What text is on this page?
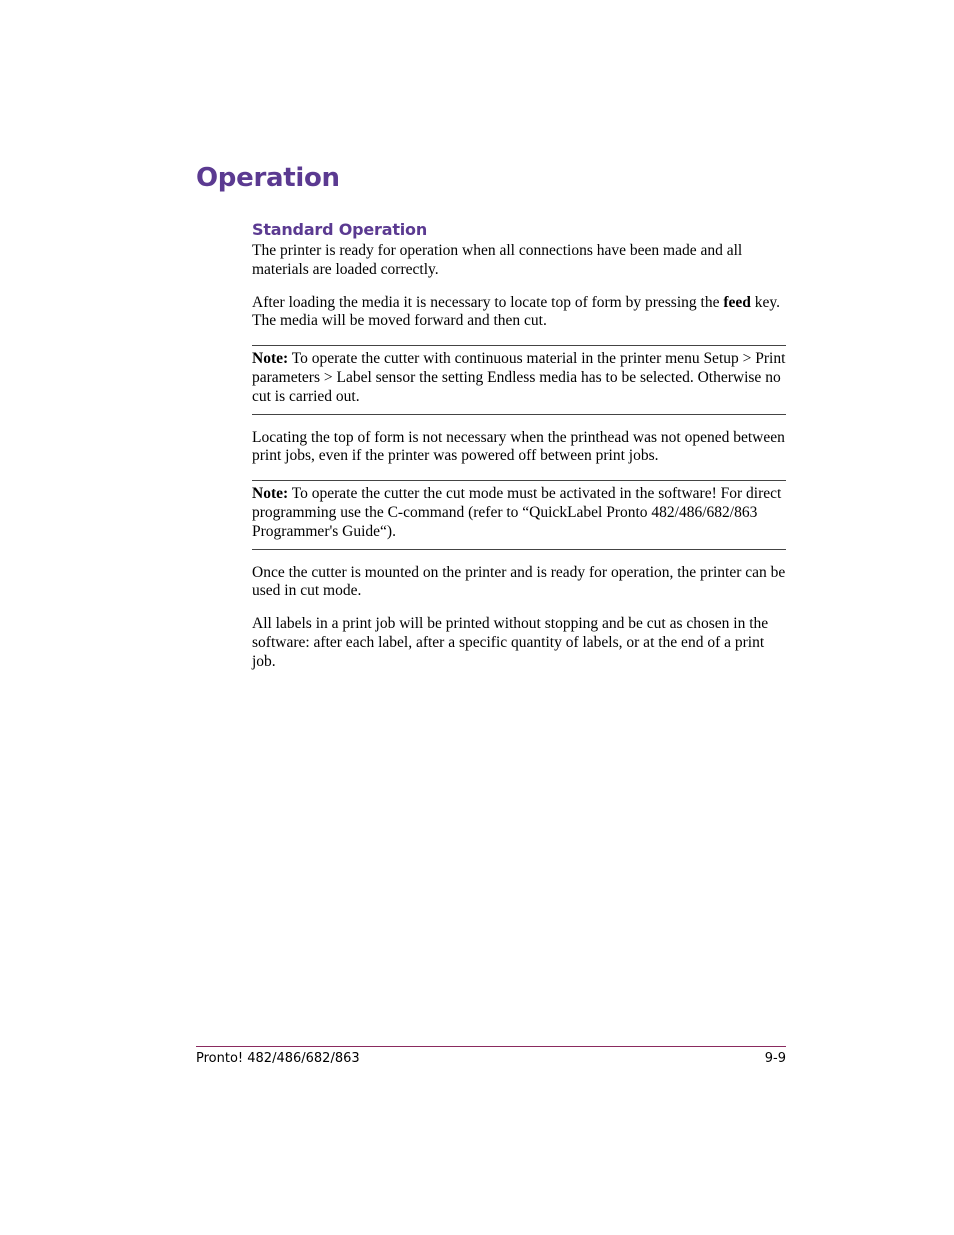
Operation
Standard Operation

The printer is ready for operation when all connections have been made and all materials are loaded correctly.

After loading the media it is necessary to locate top of form by pressing the feed key. The media will be moved forward and then cut.

Note: To operate the cutter with continuous material in the printer menu Setup > Print parameters > Label sensor the setting Endless media has to be selected. Otherwise no cut is carried out.

Locating the top of form is not necessary when the printhead was not opened between print jobs, even if the printer was powered off between print jobs.

Note: To operate the cutter the cut mode must be activated in the software! For direct programming use the C-command (refer to “QuickLabel Pronto 482/486/682/863 Programmer's Guide“).

Once the cutter is mounted on the printer and is ready for operation, the printer can be used in cut mode.

All labels in a print job will be printed without stopping and be cut as chosen in the software: after each label, after a specific quantity of labels, or at the end of a print job.

Pronto! 482/486/682/863	9-9
